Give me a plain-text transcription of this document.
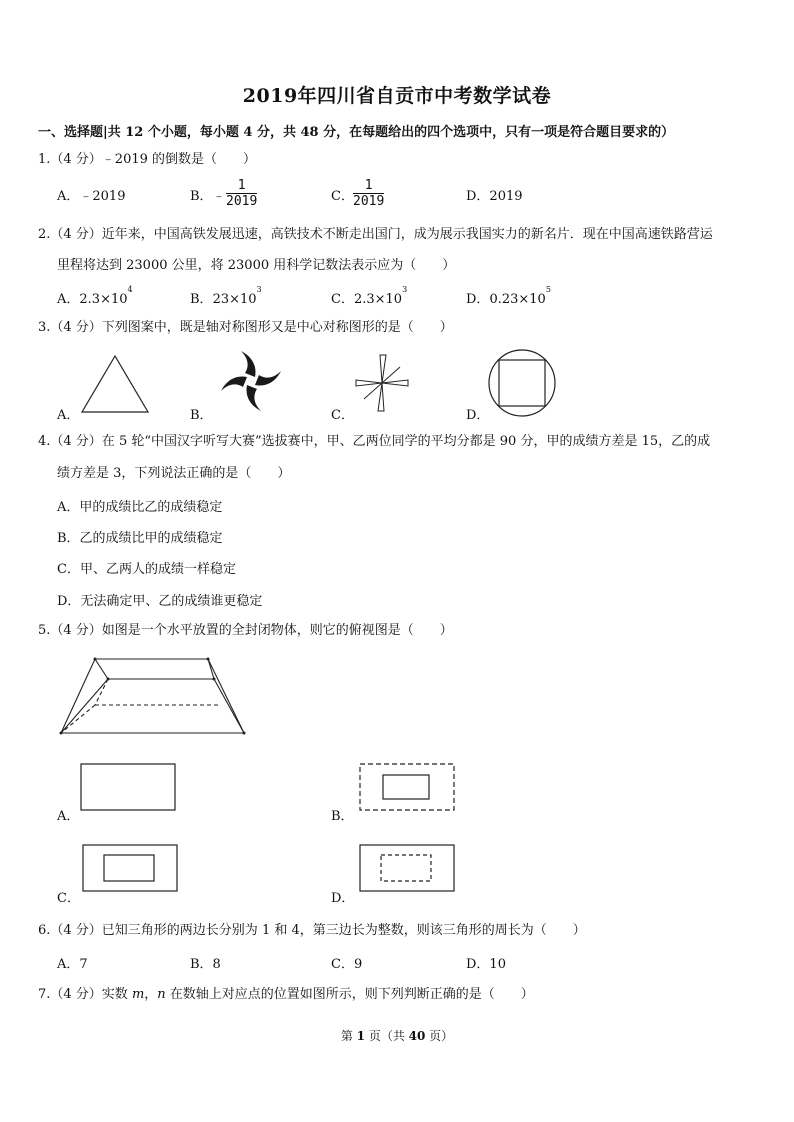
2019年四川省自贡市中考数学试卷
一、选择题|共 12 个小题，每小题 4 分，共 48 分，在每题给出的四个选项中，只有一项是符合题目要求的）
1.（4 分）﹣2019 的倒数是（　　）
A．﹣2019	B．﹣ $\frac{1}{2019}$	C． $\frac{1}{2019}$	D．2019
2.（4 分）近年来，中国高铁发展迅速，高铁技术不断走出国门，成为展示我国实力的新名片．现在中国高速铁路营运
里程将达到 23000 公里，将 23000 用科学记数法表示应为（　　）
A．$2.3\times 10^4$
B．$23\times 10^3$
C．$2.3\times 10^3$
D．$0.23\times 10^5$
3.（4 分）下列图案中，既是轴对称图形又是中心对称图形的是（　　）
A．	B．	C．	D．
4.（4 分）在 5 轮“中国汉字听写大赛”选拔赛中，甲、乙两位同学的平均分都是 90 分，甲的成绩方差是 15，乙的成
绩方差是 3，下列说法正确的是（　　）
A．甲的成绩比乙的成绩稳定
B．乙的成绩比甲的成绩稳定
C．甲、乙两人的成绩一样稳定
D．无法确定甲、乙的成绩谁更稳定
5.（4 分）如图是一个水平放置的全封闭物体，则它的俯视图是（　　）
A．	B．
C．	D．
6.（4 分）已知三角形的两边长分别为 1 和 4，第三边长为整数，则该三角形的周长为（　　）
A．7	B．8	C．9	D．10
7.（4 分）实数 m，n 在数轴上对应点的位置如图所示，则下列判断正确的是（　　）
第 1 页（共 40 页）
